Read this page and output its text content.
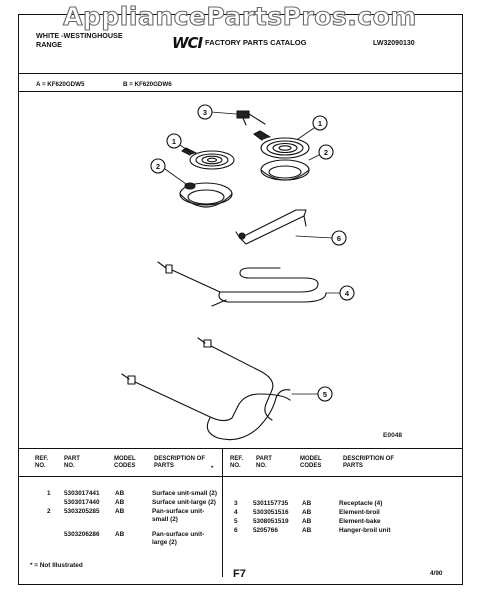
AppliancePartsPros.com
WHITE -WESTINGHOUSE
RANGE	WCI FACTORY PARTS CATALOG	LW32090130
A = KF620GDW5	B = KF620GDW6
3
1
2
1
2
6
4
5
E0048
REF. NO.
PART NO.
MODEL CODES
DESCRIPTION OF PARTS	*
REF. NO.
PART NO.
MODEL CODES
DESCRIPTION OF PARTS
1 5303017441 AB	Surface unit-small (2)
5303017440 AB	Surface unit-large (2)
2 5303205285 AB	Pan-surface unit-
small (2)
5303206286 AB	Pan-surface unit-
large (2)
3 5301157735 AB	Receptacle (4)
4 5303051516 AB	Element-broil
5 5308051519 AB	Element-bake
6 5205766	AB	Hanger-broil unit
* = Not Illustrated
F7	4/90
